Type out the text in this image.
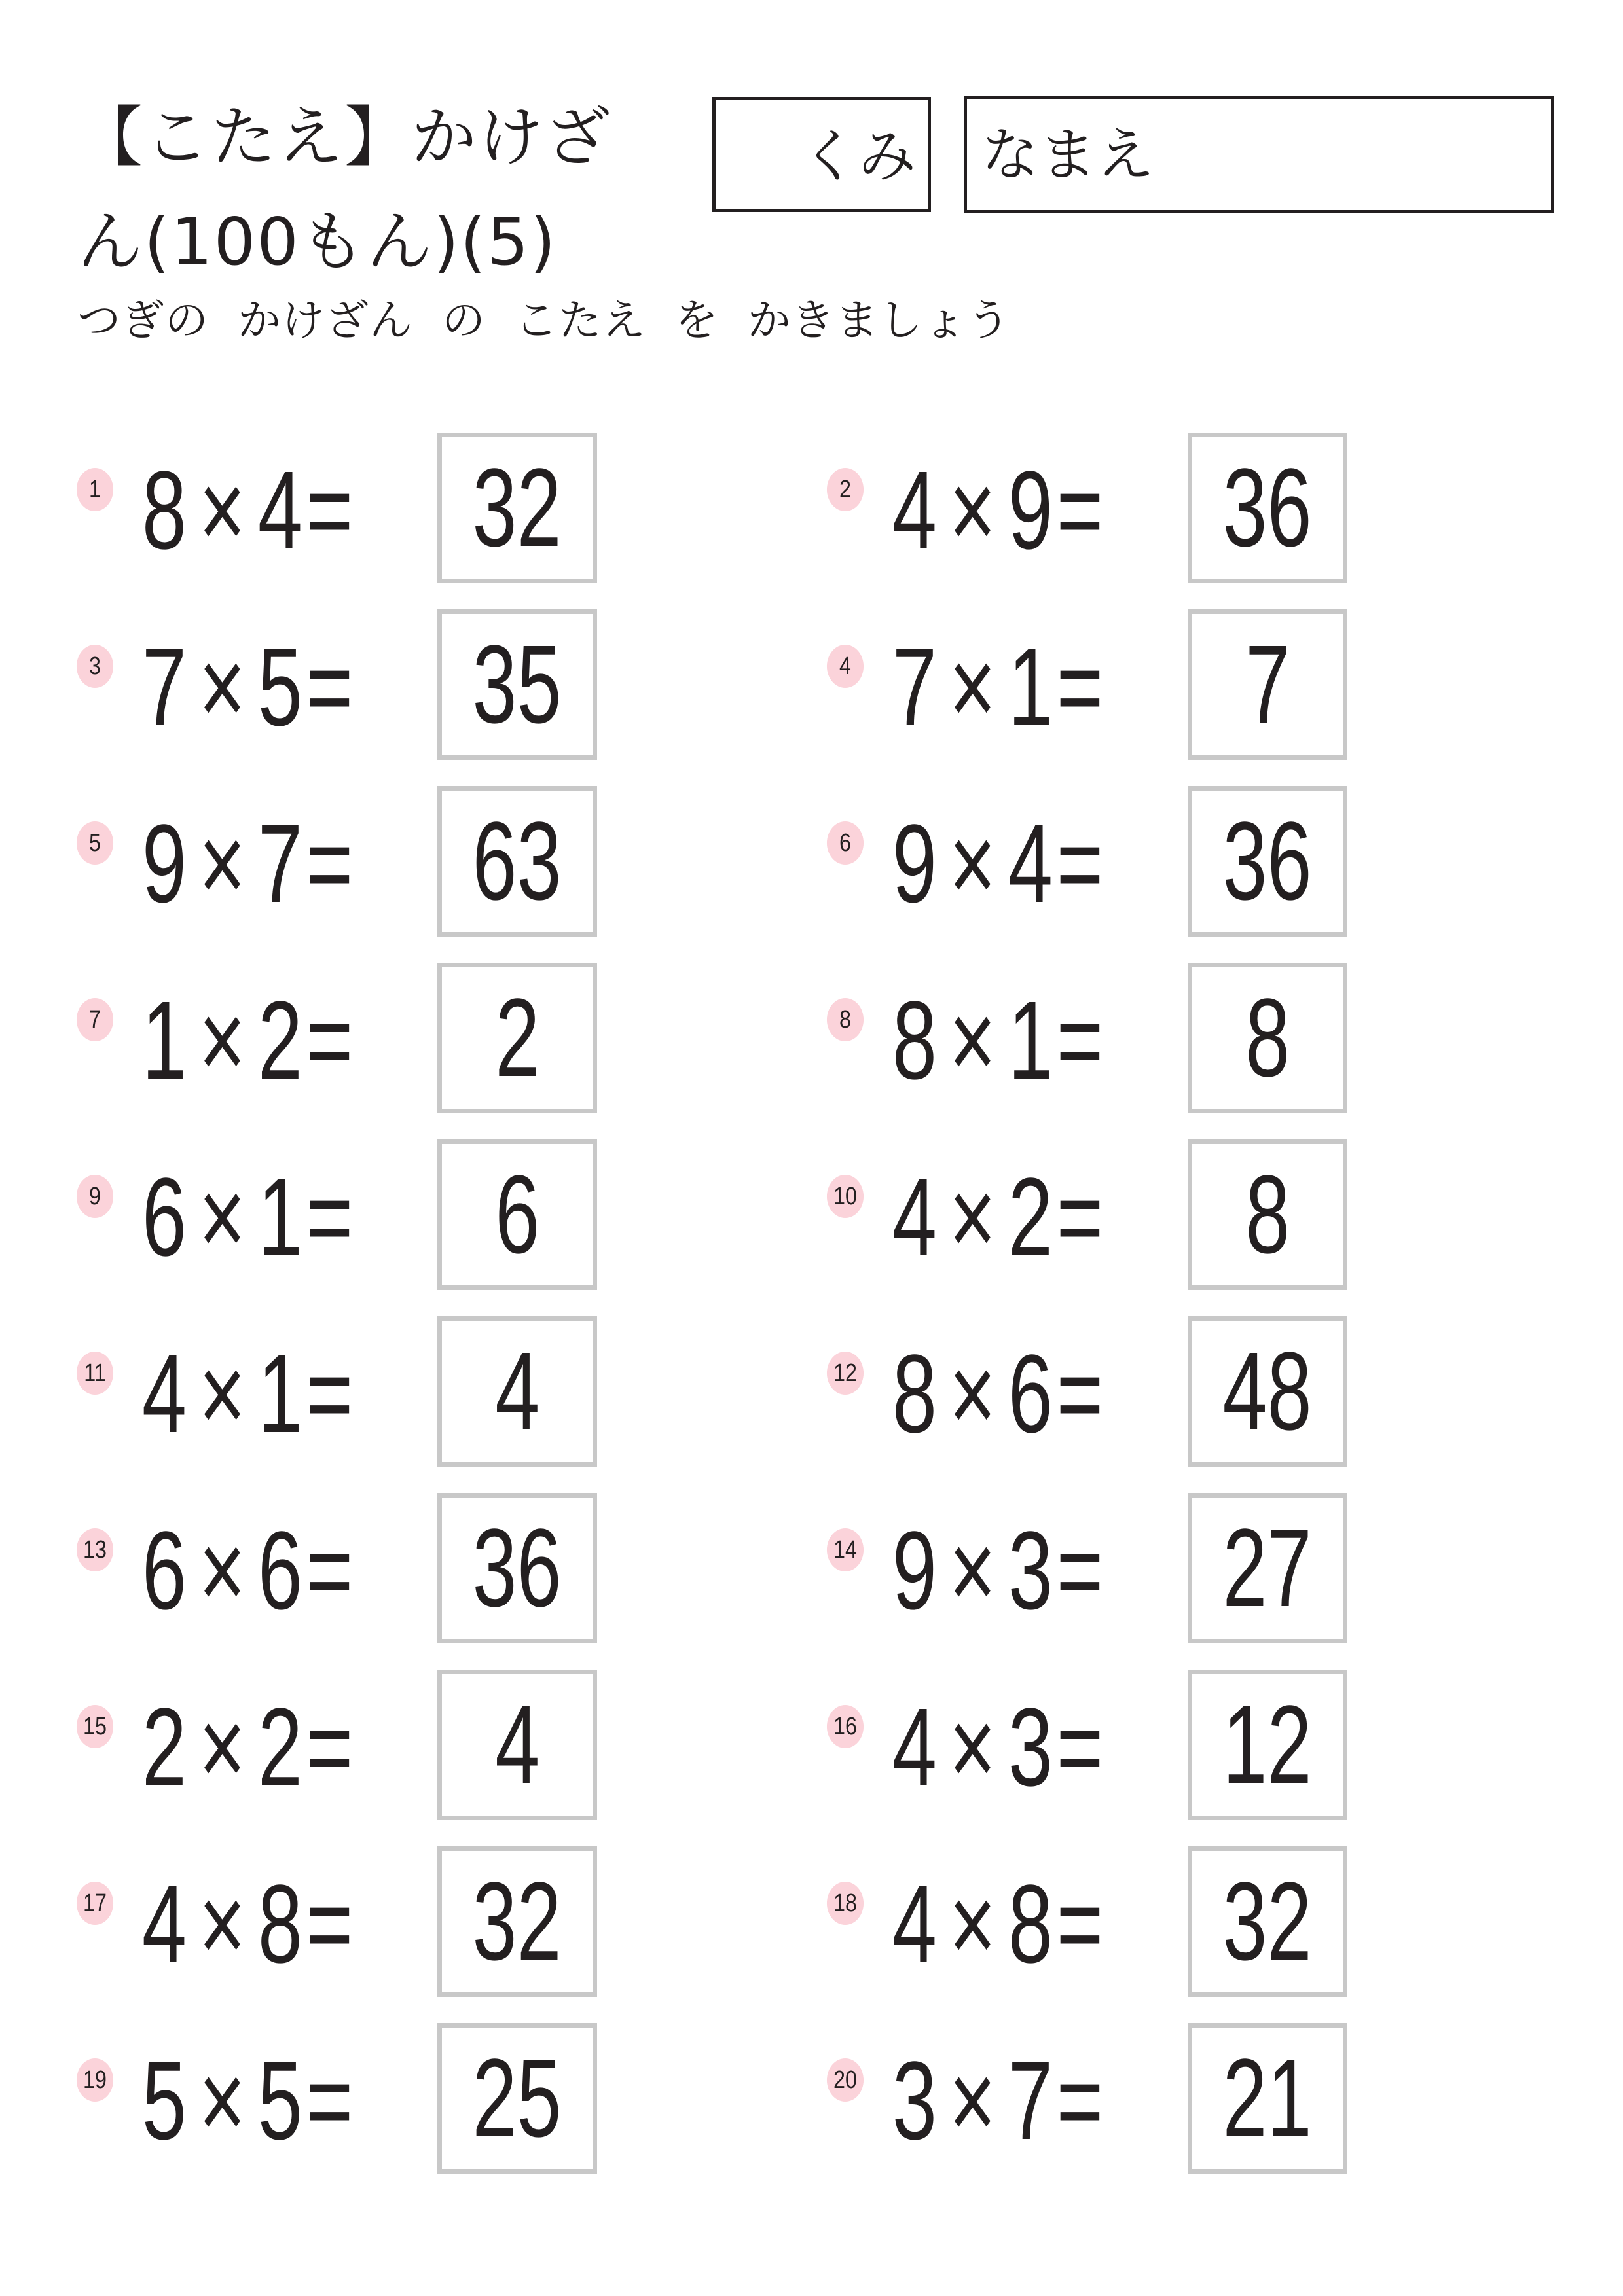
【こたえ】かけざん(100もん)(5)
くみ なまえ
つぎの  かけざん  の  こたえ  を  かきましょう
1 8 × 4=	32	2 4 × 9=	36
3 7 × 5=	35	4 7 × 1=	7
5 9 × 7=	63	6 9 × 4=	36
7 1 × 2=	2	8 8 × 1=	8
9 6 × 1=	6	10 4 × 2=	8
11 4 × 1=	4	12 8 × 6=	48
13 6 × 6=	36	14 9 × 3=	27
15 2 × 2=	4	16 4 × 3=	12
17 4 × 8=	32	18 4 × 8=	32
19 5 × 5=	25	20 3 × 7=	21
